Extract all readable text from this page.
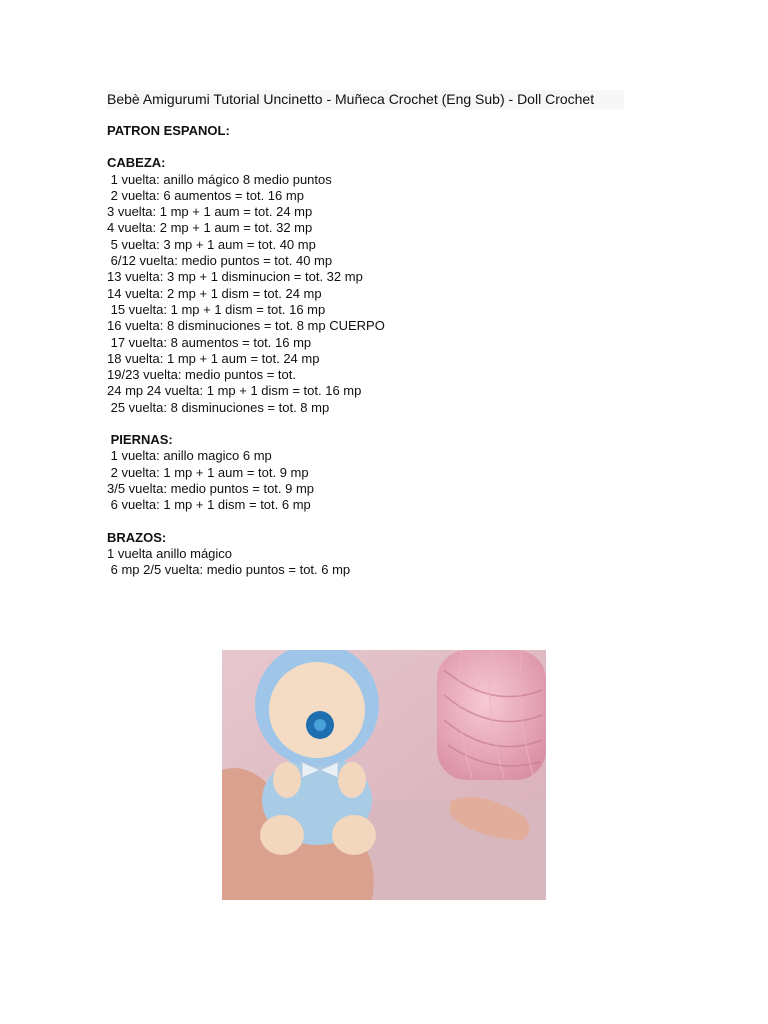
Bebè Amigurumi Tutorial Uncinetto - Muñeca Crochet (Eng Sub) - Doll Crochet
PATRON ESPANOL:
CABEZA:
1 vuelta: anillo mágico 8 medio puntos
2 vuelta: 6 aumentos = tot. 16 mp
3 vuelta: 1 mp + 1 aum = tot. 24 mp
4 vuelta: 2 mp + 1 aum = tot. 32 mp
5 vuelta: 3 mp + 1 aum = tot. 40 mp
6/12 vuelta: medio puntos = tot. 40 mp
13 vuelta: 3 mp + 1 disminucion = tot. 32 mp
14 vuelta: 2 mp + 1 dism = tot. 24 mp
15 vuelta: 1 mp + 1 dism = tot. 16 mp
16 vuelta: 8 disminuciones = tot. 8 mp CUERPO
17 vuelta: 8 aumentos = tot. 16 mp
18 vuelta: 1 mp + 1 aum = tot. 24 mp
19/23 vuelta: medio puntos = tot.
24 mp 24 vuelta: 1 mp + 1 dism = tot. 16 mp
25 vuelta: 8 disminuciones = tot. 8 mp
PIERNAS:
1 vuelta: anillo magico 6 mp
2 vuelta: 1 mp + 1 aum = tot. 9 mp
3/5 vuelta: medio puntos = tot. 9 mp
6 vuelta: 1 mp + 1 dism = tot. 6 mp
BRAZOS:
1 vuelta anillo mágico
6 mp 2/5 vuelta: medio puntos = tot. 6 mp
